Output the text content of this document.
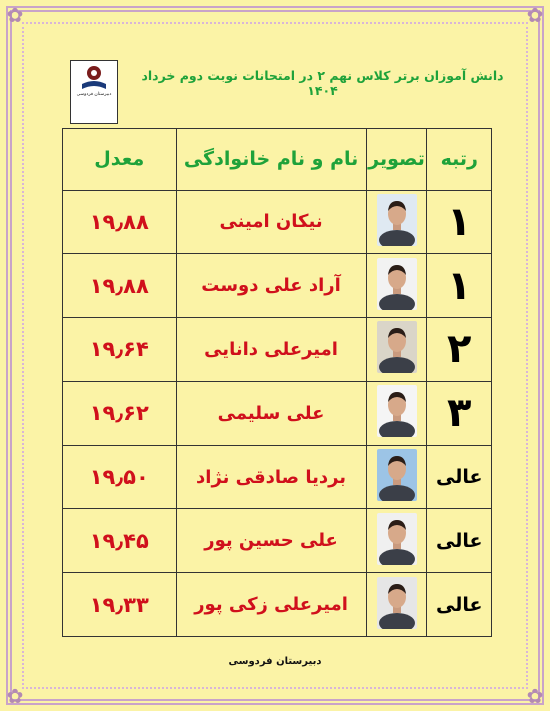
✿	✿
✿	✿
دبیرستان فردوسی
دانش آموزان برتر کلاس نهم ۲ در امتحانات نوبت دوم خرداد ۱۴۰۴
رتبه	تصویر	نام و نام خانوادگی	معدل
۱		نیکان امینی	۱۹٫۸۸
۱		آراد علی دوست	۱۹٫۸۸
۲		امیرعلی دانایی	۱۹٫۶۴
۳		علی سلیمی	۱۹٫۶۲
عالی		بردیا صادقی نژاد	۱۹٫۵۰
عالی		علی حسین پور	۱۹٫۴۵
عالی		امیرعلی زکی پور	۱۹٫۳۳
دبیرستان فردوسی
